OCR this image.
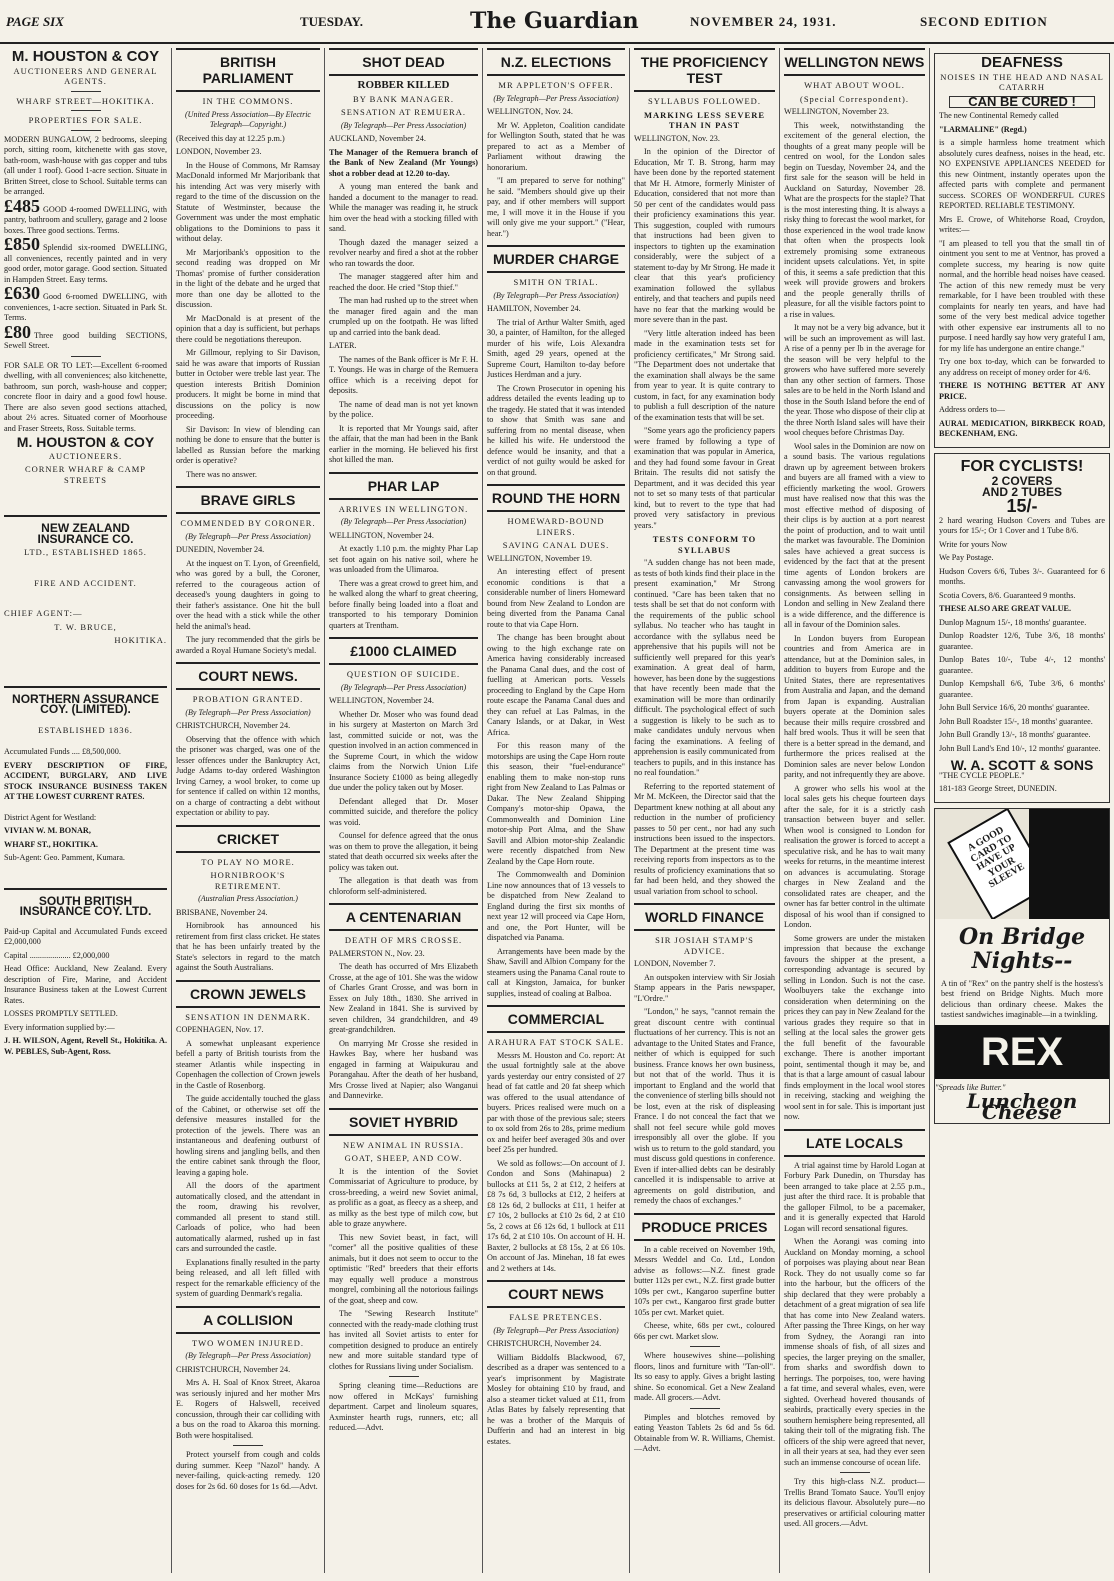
PAGE SIX	TUESDAY.	The Guardian	NOVEMBER 24, 1931.	SECOND EDITION
M. HOUSTON & COY
AUCTIONEERS AND GENERAL AGENTS.
WHARF STREET—HOKITIKA.
PROPERTIES FOR SALE.

MODERN BUNGALOW, 2 bedrooms, sleeping porch, sitting room, kitchenette with gas stove, bath-room, wash-house with gas copper and tubs (all under 1 roof). Good 1-acre section. Situate in Britten Street, close to School. Suitable terms can be arranged.

£485 GOOD 4-roomed DWELLING, with pantry, bathroom and scullery, garage and 2 loose boxes. Three good sections. Terms.

£850 Splendid six-roomed DWELLING, all conveniences, recently painted and in very good order, motor garage. Good section. Situated in Hampden Street. Easy terms.

£630 Good 6-roomed DWELLING, with conveniences, 1-acre section. Situated in Park St. Terms.

£80 Three good building SECTIONS, Sewell Street.

FOR SALE OR TO LET:—Excellent 6-roomed dwelling, with all conveniences; also kitchenette, bathroom, sun porch, wash-house and copper; concrete floor in dairy and a good fowl house. There are also seven good sections attached, about 2½ acres. Situated corner of Moorhouse and Fraser Streets, Ross. Suitable terms.

M. HOUSTON & COY
AUCTIONEERS.
CORNER WHARF & CAMP STREETS
NEW ZEALAND INSURANCE CO.
LTD., ESTABLISHED 1865.
FIRE AND ACCIDENT.
CHIEF AGENT:—
T. W. BRUCE,
HOKITIKA.
NORTHERN ASSURANCE COY. (LIMITED).
ESTABLISHED 1836.

Accumulated Funds .... £8,500,000.

EVERY DESCRIPTION OF FIRE, ACCIDENT, BURGLARY, AND LIVE STOCK INSURANCE BUSINESS TAKEN AT THE LOWEST CURRENT RATES.

District Agent for Westland:

VIVIAN W. M. BONAR,

WHARF ST., HOKITIKA.

Sub-Agent: Geo. Pamment, Kumara.

SOUTH BRITISH INSURANCE COY. LTD.

Paid-up Capital and Accumulated Funds exceed £2,000,000

Capital .................... £2,000,000

Head Office: Auckland, New Zealand. Every description of Fire, Marine, and Accident Insurance Business taken at the Lowest Current Rates.

LOSSES PROMPTLY SETTLED.

Every information supplied by:—

J. H. WILSON, Agent, Revell St., Hokitika. A. W. PEBLES, Sub-Agent, Ross.

BRITISH PARLIAMENT
IN THE COMMONS.
(United Press Association—By Electric Telegraph—Copyright.)

(Received this day at 12.25 p.m.)

LONDON, November 23.

In the House of Commons, Mr Ramsay MacDonald informed Mr Marjoribank that his intending Act was very miserly with regard to the time of the discussion on the Statute of Westminster, because the Government was under the most emphatic obligations to the Dominions to pass it without delay.

Mr Marjoribank's opposition to the second reading was dropped on Mr Thomas' promise of further consideration in the light of the debate and he urged that more than one day be allotted to the discussion.

Mr MacDonald is at present of the opinion that a day is sufficient, but perhaps there could be negotiations thereupon.

Mr Gillmour, replying to Sir Davison, said he was aware that imports of Russian butter in October were treble last year. The question interests British Dominion producers. It might be borne in mind that discussions on the policy is now proceeding.

Sir Davison: In view of blending can nothing be done to ensure that the butter is labelled as Russian before the marking order is operative?

There was no answer.

BRAVE GIRLS
COMMENDED BY CORONER.
(By Telegraph—Per Press Association)

DUNEDIN, November 24.

At the inquest on T. Lyon, of Greenfield, who was gored by a bull, the Coroner, referred to the courageous action of deceased's young daughters in going to their father's assistance. One hit the bull over the head with a stick while the other held the animal's head.

The jury recommended that the girls be awarded a Royal Humane Society's medal.

COURT NEWS.
PROBATION GRANTED.
(By Telegraph—Per Press Association)

CHRISTCHURCH, November 24.

Observing that the offence with which the prisoner was charged, was one of the lesser offences under the Bankruptcy Act, Judge Adams to-day ordered Washington Irving Carney, a wool broker, to come up for sentence if called on within 12 months, on a charge of contracting a debt without expectation or ability to pay.

CRICKET
TO PLAY NO MORE.
HORNIBROOK'S RETIREMENT.
(Australian Press Association.)

BRISBANE, November 24.

Hornibrook has announced his retirement from first class cricket. He states that he has been unfairly treated by the State's selectors in regard to the match against the South Australians.

CROWN JEWELS
SENSATION IN DENMARK.

COPENHAGEN, Nov. 17.

A somewhat unpleasant experience befell a party of British tourists from the steamer Atlantis while inspecting in Copenhagen the collection of Crown jewels in the Castle of Rosenborg.

The guide accidentally touched the glass of the Cabinet, or otherwise set off the defensive measures installed for the protection of the jewels. There was an instantaneous and deafening outburst of howling sirens and jangling bells, and then the entire cabinet sank through the floor, leaving a gaping hole.

All the doors of the apartment automatically closed, and the attendant in the room, drawing his revolver, commanded all present to stand still. Carloads of police, who had been automatically alarmed, rushed up in fast cars and surrounded the castle.

Explanations finally resulted in the party being released, and all left filled with respect for the remarkable efficiency of the system of guarding Denmark's regalia.

A COLLISION
TWO WOMEN INJURED.
(By Telegraph—Per Press Association)

CHRISTCHURCH, November 24.

Mrs A. H. Soal of Knox Street, Akaroa was seriously injured and her mother Mrs E. Rogers of Halswell, received concussion, through their car colliding with a bus on the road to Akaroa this morning. Both were hospitalised.

Protect yourself from cough and colds during summer. Keep "Nazol" handy. A never-failing, quick-acting remedy. 120 doses for 2s 6d. 60 doses for 1s 6d.—Advt.

SHOT DEAD
ROBBER KILLED
BY BANK MANAGER.
SENSATION AT REMUERA.
(By Telegraph—Per Press Association)

AUCKLAND, November 24.

The Manager of the Remuera branch of the Bank of New Zealand (Mr Youngs) shot a robber dead at 12.20 to-day.

A young man entered the bank and handed a document to the manager to read. While the manager was reading it, he struck him over the head with a stocking filled with sand.

Though dazed the manager seized a revolver nearby and fired a shot at the robber who ran towards the door.

The manager staggered after him and reached the door. He cried "Stop thief."

The man had rushed up to the street when the manager fired again and the man crumpled up on the footpath. He was lifted up and carried into the bank dead.

LATER.

The names of the Bank officer is Mr F. H. T. Youngs. He was in charge of the Remuera office which is a receiving depot for deposits.

The name of dead man is not yet known by the police.

It is reported that Mr Youngs said, after the affair, that the man had been in the Bank earlier in the morning. He believed his first shot killed the man.

PHAR LAP
ARRIVES IN WELLINGTON.
(By Telegraph—Per Press Association)

WELLINGTON, November 24.

At exactly 1.10 p.m. the mighty Phar Lap set foot again on his native soil, where he was unloaded from the Ulimaroa.

There was a great crowd to greet him, and he walked along the wharf to great cheering, before finally being loaded into a float and transported to his temporary Dominion quarters at Trentham.

£1000 CLAIMED
QUESTION OF SUICIDE.
(By Telegraph—Per Press Association)

WELLINGTON, November 24.

Whether Dr. Moser who was found dead in his surgery at Masterton on March 3rd last, committed suicide or not, was the question involved in an action commenced in the Supreme Court, in which the widow claims from the Norwich Union Life Insurance Society £1000 as being allegedly due under the policy taken out by Moser.

Defendant alleged that Dr. Moser committed suicide, and therefore the policy was void.

Counsel for defence agreed that the onus was on them to prove the allegation, it being stated that death occurred six weeks after the policy was taken out.

The allegation is that death was from chloroform self-administered.

A CENTENARIAN
DEATH OF MRS CROSSE.

PALMERSTON N., Nov. 23.

The death has occurred of Mrs Elizabeth Crosse, at the age of 101. She was the widow of Charles Grant Crosse, and was born in Essex on July 18th., 1830. She arrived in New Zealand in 1841. She is survived by seven children, 34 grandchildren, and 49 great-grandchildren.

On marrying Mr Crosse she resided in Hawkes Bay, where her husband was engaged in farming at Waipukurau and Porangahau. After the death of her husband, Mrs Crosse lived at Napier; also Wanganui and Dannevirke.

SOVIET HYBRID
NEW ANIMAL IN RUSSIA.
GOAT, SHEEP, AND COW.

It is the intention of the Soviet Commissariat of Agriculture to produce, by cross-breeding, a weird new Soviet animal, as prolific as a goat, as fleecy as a sheep, and as milky as the best type of milch cow, but able to graze anywhere.

This new Soviet beast, in fact, will "corner" all the positive qualities of these animals, but it does not seem to occur to the optimistic "Red" breeders that their efforts may equally well produce a monstrous mongrel, combining all the notorious failings of the goat, sheep and cow.

The "Sewing Research Institute" connected with the ready-made clothing trust has invited all Soviet artists to enter for competition designed to produce an entirely new and more suitable standard type of clothes for Russians living under Socialism.

Spring cleaning time—Reductions are now offered in McKays' furnishing department. Carpet and linoleum squares, Axminster hearth rugs, runners, etc; all reduced.—Advt.

N.Z. ELECTIONS
MR APPLETON'S OFFER.
(By Telegraph—Per Press Association)

WELLINGTON, Nov. 24.

Mr W. Appleton, Coalition candidate for Wellington South, stated that he was prepared to act as a Member of Parliament without drawing the honorarium.

"I am prepared to serve for nothing" he said. "Members should give up their pay, and if other members will support me, I will move it in the House if you will only give me your support." ("Hear, hear.")

MURDER CHARGE
SMITH ON TRIAL.
(By Telegraph—Per Press Association)

HAMILTON, November 24.

The trial of Arthur Walter Smith, aged 30, a painter, of Hamilton, for the alleged murder of his wife, Lois Alexandra Smith, aged 29 years, opened at the Supreme Court, Hamilton to-day before Justices Herdman and a jury.

The Crown Prosecutor in opening his address detailed the events leading up to the tragedy. He stated that it was intended to show that Smith was sane and suffering from no mental disease, when he killed his wife. He understood the defence would be insanity, and that a verdict of not guilty would be asked for on that ground.

ROUND THE HORN
HOMEWARD-BOUND LINERS.
SAVING CANAL DUES.

WELLINGTON, November 19.

An interesting effect of present economic conditions is that a considerable number of liners Homeward bound from New Zealand to London are being diverted from the Panama Canal route to that via Cape Horn.

The change has been brought about owing to the high exchange rate on America having considerably increased the Panama Canal dues, and the cost of fuelling at American ports. Vessels proceeding to England by the Cape Horn route escape the Panama Canal dues and they can refuel at Las Palmas, in the Canary Islands, or at Dakar, in West Africa.

For this reason many of the motorships are using the Cape Horn route this season, their "fuel-endurance" enabling them to make non-stop runs right from New Zealand to Las Palmas or Dakar. The New Zealand Shipping Company's motor-ship Opawa, the Commonwealth and Dominion Line motor-ship Port Alma, and the Shaw Savill and Albion motor-ship Zealandic were recently dispatched from New Zealand by the Cape Horn route.

The Commonwealth and Dominion Line now announces that of 13 vessels to be dispatched from New Zealand to England during the first six months of next year 12 will proceed via Cape Horn, and one, the Port Hunter, will be dispatched via Panama.

Arrangements have been made by the Shaw, Savill and Albion Company for the steamers using the Panama Canal route to call at Kingston, Jamaica, for bunker supplies, instead of coaling at Balboa.

COMMERCIAL
ARAHURA FAT STOCK SALE.

Messrs M. Houston and Co. report: At the usual fortnightly sale at the above yards yesterday our entry consisted of 27 head of fat cattle and 20 fat sheep which was offered to the usual attendance of buyers. Prices realised were much on a par with those of the previous sale; steers to ox sold from 26s to 28s, prime medium ox and heifer beef averaged 30s and over beef 25s per hundred.

We sold as follows:—On account of J. Condon and Sons (Mahinapua) 2 bullocks at £11 5s, 2 at £12, 2 heifers at £8 7s 6d, 3 bullocks at £12, 2 heifers at £8 12s 6d, 2 bullocks at £11, 1 heifer at £7 10s, 2 bullocks at £10 2s 6d, 2 at £10 5s, 2 cows at £6 12s 6d, 1 bullock at £11 17s 6d, 2 at £10 10s. On account of H. H. Baxter, 2 bullocks at £8 15s, 2 at £6 10s. On account of Jas. Minehan, 18 fat ewes and 2 wethers at 14s.

COURT NEWS
FALSE PRETENCES.
(By Telegraph—Per Press Association)

CHRISTCHURCH, November 24.

William Biddolfs Blackwood, 67, described as a draper was sentenced to a year's imprisonment by Magistrate Mosley for obtaining £10 by fraud, and also a steamer ticket valued at £11, from Atlas Bates by falsely representing that he was a brother of the Marquis of Dufferin and had an interest in big estates.

THE PROFICIENCY TEST
SYLLABUS FOLLOWED.
MARKING LESS SEVERE THAN IN PAST

WELLINGTON, Nov. 23.

In the opinion of the Director of Education, Mr T. B. Strong, harm may have been done by the reported statement that Mr H. Atmore, formerly Minister of Education, considered that not more than 50 per cent of the candidates would pass their proficiency examinations this year. This suggestion, coupled with rumours that instructions had been given to inspectors to tighten up the examination considerably, were the subject of a statement to-day by Mr Strong. He made it clear that this year's proficiency examination followed the syllabus entirely, and that teachers and pupils need have no fear that the marking would be more severe than in the past.

"Very little alteration indeed has been made in the examination tests set for proficiency certificates," Mr Strong said. "The Department does not undertake that the examination shall always be the same from year to year. It is quite contrary to custom, in fact, for any examination body to publish a full description of the nature of the examination tests that will be set.

"Some years ago the proficiency papers were framed by following a type of examination that was popular in America, and they had found some favour in Great Britain. The results did not satisfy the Department, and it was decided this year not to set so many tests of that particular kind, but to revert to the type that had proved very satisfactory in previous years."

TESTS CONFORM TO SYLLABUS

"A sudden change has not been made, as tests of both kinds find their place in the present examination," Mr Strong continued. "Care has been taken that no tests shall be set that do not conform with the requirements of the public school syllabus. No teacher who has taught in accordance with the syllabus need be apprehensive that his pupils will not be sufficiently well prepared for this year's examination. A great deal of harm, however, has been done by the suggestions that have recently been made that the examination will be more than ordinarily difficult. The psychological effect of such a suggestion is likely to be such as to make candidates unduly nervous when facing the examinations. A feeling of apprehension is easily communicated from teachers to pupils, and in this instance has no real foundation."

Referring to the reported statement of Mr M. McKeen, the Director said that the Department knew nothing at all about any reduction in the number of proficiency passes to 50 per cent., nor had any such instructions been issued to the inspectors. The Department at the present time was receiving reports from inspectors as to the results of proficiency examinations that so far had been held, and they showed the usual variation from school to school.

WORLD FINANCE
SIR JOSIAH STAMP'S ADVICE.

LONDON, November 7.

An outspoken interview with Sir Josiah Stamp appears in the Paris newspaper, "L'Ordre."

"London," he says, "cannot remain the great discount centre with continual fluctuations of her currency. This is not an advantage to the United States and France, neither of which is equipped for such business. France knows her own business, but not that of the world. Thus it is important to England and the world that the convenience of sterling bills should not be lost, even at the risk of displeasing France. I do not conceal the fact that we shall not feel secure while gold moves irresponsibly all over the globe. If you wish us to return to the gold standard, you must discuss gold questions in conference. Even if inter-allied debts can be desirably cancelled it is indispensable to arrive at agreements on gold distribution, and remedy the chaos of exchanges."

PRODUCE PRICES

In a cable received on November 19th, Messrs Weddel and Co. Ltd., London advise as follows:—N.Z. finest grade butter 112s per cwt., N.Z. first grade butter 109s per cwt., Kangaroo superfine butter 107s per cwt., Kangaroo first grade butter 105s per cwt. Market quiet.

Cheese, white, 68s per cwt., coloured 66s per cwt. Market slow.

Where housewives shine—polishing floors, linos and furniture with "Tan-oll". Its so easy to apply. Gives a bright lasting shine. So economical. Get a New Zealand made. All grocers.—Advt.

Pimples and blotches removed by eating Yeaston Tablets 2s 6d and 5s 6d. Obtainable from W. R. Williams, Chemist.—Advt.

WELLINGTON NEWS
WHAT ABOUT WOOL.
(Special Correspondent).

WELLINGTON, November 23.

This week, notwithstanding the excitement of the general election, the thoughts of a great many people will be centred on wool, for the London sales begin on Tuesday, November 24, and the first sale for the season will be held in Auckland on Saturday, November 28. What are the prospects for the staple? That is the most interesting thing. It is always a risky thing to forecast the wool market, for those experienced in the wool trade know that often when the prospects look extremely promising some extraneous incident upsets calculations. Yet, in spite of this, it seems a safe prediction that this week will provide growers and brokers and the people generally thrills of pleasure, for all the visible factors point to a rise in values.

It may not be a very big advance, but it will be such an improvement as will last. A rise of a penny per lb in the average for the season will be very helpful to the growers who have suffered more severely than any other section of farmers. Those sales are to be held in the North Island and those in the South Island before the end of the year. Those who dispose of their clip at the three North Island sales will have their wool cheques before Christmas Day.

Wool sales in the Dominion are now on a sound basis. The various regulations drawn up by agreement between brokers and buyers are all framed with a view to efficiently marketing the wool. Growers must have realised now that this was the most effective method of disposing of their clips is by auction at a port nearest the point of production, and to wait until the market was favourable. The Dominion sales have achieved a great success is evidenced by the fact that at the present time agents of London brokers are canvassing among the wool growers for consignments. As between selling in London and selling in New Zealand there is a wide difference, and the difference is all in favour of the Dominion sales.

In London buyers from European countries and from America are in attendance, but at the Dominion sales, in addition to buyers from Europe and the United States, there are representatives from Australia and Japan, and the demand from Japan is expanding. Australian buyers operate at the Dominion sales because their mills require crossbred and half bred wools. Thus it will be seen that there is a better spread in the demand, and furthermore the prices realised at the Dominion sales are never below London parity, and not infrequently they are above.

A grower who sells his wool at the local sales gets his cheque fourteen days after the sale, for it is a strictly cash transaction between buyer and seller. When wool is consigned to London for realisation the grower is forced to accept a speculative risk, and he has to wait many weeks for returns, in the meantime interest on advances is accumulating. Storage charges in New Zealand and the consolidated rates are cheaper, and the owner has far better control in the ultimate disposal of his wool than if consigned to London.

Some growers are under the mistaken impression that because the exchange favours the shipper at the present, a corresponding advantage is secured by selling in London. Such is not the case. Woolbuyers take the exchange into consideration when determining on the prices they can pay in New Zealand for the various grades they require so that in selling at the local sales the grower gets the full benefit of the favourable exchange. There is another important point, sentimental though it may be, and that is that a large amount of casual labour finds employment in the local wool stores in receiving, stacking and weighing the wool sent in for sale. This is important just now.

LATE LOCALS

A trial against time by Harold Logan at Forbury Park Dunedin, on Thursday has been arranged to take place at 2.55 p.m., just after the third race. It is probable that the galloper Filmol, to be a pacemaker, and it is generally expected that Harold Logan will record sensational figures.

When the Aorangi was coming into Auckland on Monday morning, a school of porpoises was playing about near Bean Rock. They do not usually come so far into the harbour, but the officers of the ship declared that they were probably a detachment of a great migration of sea life that has come into New Zealand waters. After passing the Three Kings, on her way from Sydney, the Aorangi ran into immense shoals of fish, of all sizes and species, the larger preying on the smaller, from sharks and swordfish down to herrings. The porpoises, too, were having a fat time, and several whales, even, were sighted. Overhead hovered thousands of seabirds, practically every species in the southern hemisphere being represented, all taking their toll of the migrating fish. The officers of the ship were agreed that never, in all their years at sea, had they ever seen such an immense concourse of ocean life.

Try this high-class N.Z. product—Trellis Brand Tomato Sauce. You'll enjoy its delicious flavour. Absolutely pure—no preservatives or artificial colouring matter used. All grocers.—Advt.

DEAFNESS
NOISES IN THE HEAD AND NASAL CATARRH
CAN BE CURED !

The new Continental Remedy called

"LARMALINE" (Regd.)

is a simple harmless home treatment which absolutely cures deafness, noises in the head, etc. NO EXPENSIVE APPLIANCES NEEDED for this new Ointment, instantly operates upon the affected parts with complete and permanent success. SCORES OF WONDERFUL CURES REPORTED. RELIABLE TESTIMONY.

Mrs E. Crowe, of Whitehorse Road, Croydon, writes:—

"I am pleased to tell you that the small tin of ointment you sent to me at Ventnor, has proved a complete success, my hearing is now quite normal, and the horrible head noises have ceased. The action of this new remedy must be very remarkable, for I have been troubled with these complaints for nearly ten years, and have had some of the very best medical advice together with other expensive ear instruments all to no purpose. I need hardly say how very grateful I am, for my life has undergone an entire change."

Try one box to-day, which can be forwarded to any address on receipt of money order for 4/6.

THERE IS NOTHING BETTER AT ANY PRICE.

Address orders to—

AURAL MEDICATION, BIRKBECK ROAD, BECKENHAM, ENG.

FOR CYCLISTS!
2 COVERS
AND 2 TUBES
15/-

2 hard wearing Hudson Covers and Tubes are yours for 15/-; Or 1 Cover and 1 Tube 8/6.

Write for yours Now

We Pay Postage.

Hudson Covers 6/6, Tubes 3/-. Guaranteed for 6 months.

Scotia Covers, 8/6. Guaranteed 9 months.

THESE ALSO ARE GREAT VALUE.

Dunlop Magnum 15/-, 18 months' guarantee.

Dunlop Roadster 12/6, Tube 3/6, 18 months' guarantee.

Dunlop Bates 10/-, Tube 4/-, 12 months' guarantee.

Dunlop Kempshall 6/6, Tube 3/6, 6 months' guarantee.

John Bull Service 16/6, 20 months' guarantee.

John Bull Roadster 15/-, 18 months' guarantee.

John Bull Grandly 13/-, 18 months' guarantee.

John Bull Land's End 10/-, 12 months' guarantee.

W. A. SCOTT & SONS

"THE CYCLE PEOPLE."

181-183 George Street, DUNEDIN.

A GOOD CARD TO HAVE UP YOUR SLEEVE
On Bridge Nights--

A tin of "Rex" on the pantry shelf is the hostess's best friend on Bridge Nights. Much more delicious than ordinary cheese. Makes the tastiest sandwiches imaginable—in a twinkling.

REX

"Spreads like Butter."

Luncheon Cheese
